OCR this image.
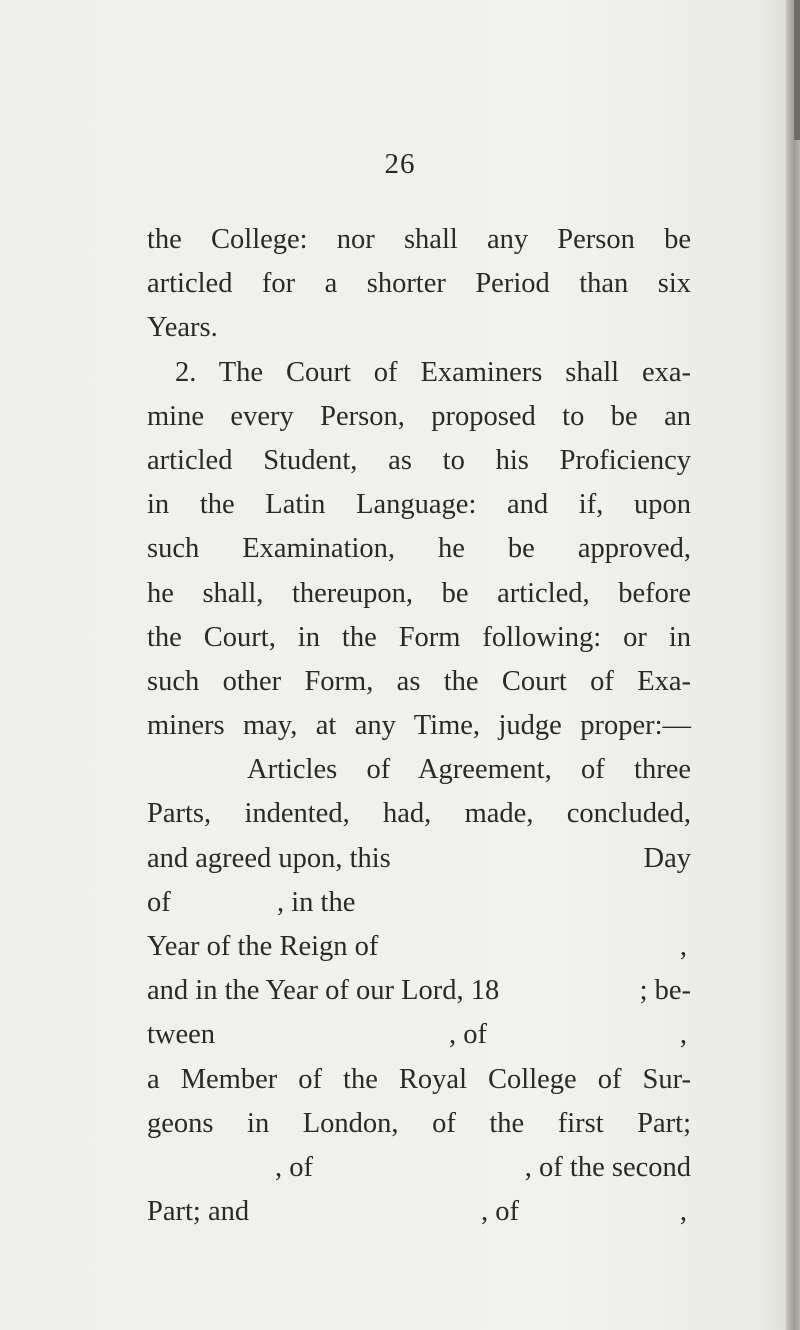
26
the College: nor shall any Person be
articled for a shorter Period than six
Years.
2. The Court of Examiners shall exa-
mine every Person, proposed to be an
articled Student, as to his Proficiency
in the Latin Language: and if, upon
such Examination, he be approved,
he shall, thereupon, be articled, before
the Court, in the Form following: or in
such other Form, as the Court of Exa-
miners may, at any Time, judge proper:—
Articles of Agreement, of three
Parts, indented, had, made, concluded,
and agreed upon, this	Day
of	, in the
Year of the Reign of	,
and in the Year of our Lord, 18	; be-
tween	, of	,
a Member of the Royal College of Sur-
geons in London, of the first Part;
, of	, of the second
Part; and	, of	,
